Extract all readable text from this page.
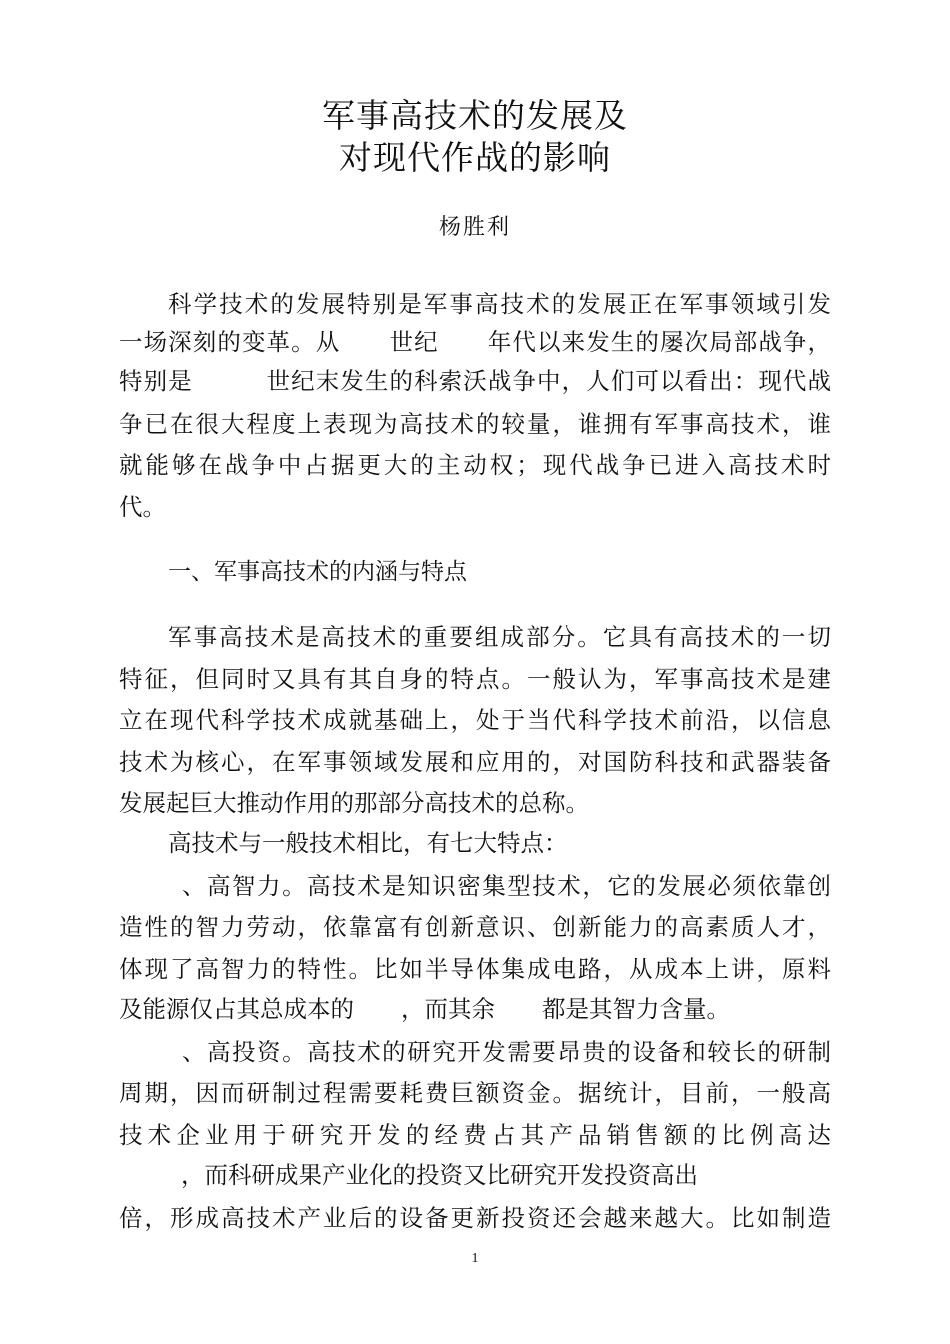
军事高技术的发展及
对现代作战的影响
杨胜利
科学技术的发展特别是军事高技术的发展正在军事领域引发
一场深刻的变革。从　　世纪　　年代以来发生的屡次局部战争，
特别是　　　世纪末发生的科索沃战争中，人们可以看出：现代战
争已在很大程度上表现为高技术的较量，谁拥有军事高技术，谁
就能够在战争中占据更大的主动权；现代战争已进入高技术时
代。
一、军事高技术的内涵与特点
军事高技术是高技术的重要组成部分。它具有高技术的一切
特征，但同时又具有其自身的特点。一般认为，军事高技术是建
立在现代科学技术成就基础上，处于当代科学技术前沿，以信息
技术为核心，在军事领域发展和应用的，对国防科技和武器装备
发展起巨大推动作用的那部分高技术的总称。
高技术与一般技术相比，有七大特点：
、高智力。高技术是知识密集型技术，它的发展必须依靠创
造性的智力劳动，依靠富有创新意识、创新能力的高素质人才，
体现了高智力的特性。比如半导体集成电路，从成本上讲，原料
及能源仅占其总成本的　　，而其余　　都是其智力含量。
、高投资。高技术的研究开发需要昂贵的设备和较长的研制
周期，因而研制过程需要耗费巨额资金。据统计，目前，一般高
技术企业用于研究开发的经费占其产品销售额的比例高达
，而科研成果产业化的投资又比研究开发投资高出
倍，形成高技术产业后的设备更新投资还会越来越大。比如制造
1
